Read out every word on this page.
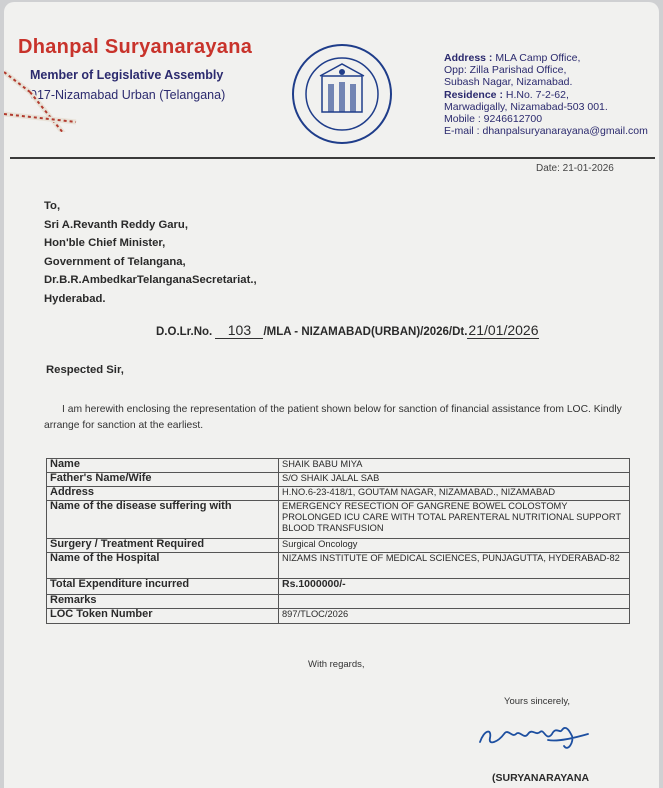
Dhanpal Suryanarayana
Member of Legislative Assembly
017-Nizamabad Urban (Telangana)
Address : MLA Camp Office,
Opp: Zilla Parishad Office,
Subash Nagar, Nizamabad.
Residence : H.No. 7-2-62,
Marwadigally, Nizamabad-503 001.
Mobile : 9246612700
E-mail : dhanpalsuryanarayana@gmail.com
Date: 21-01-2026
To,
Sri A.Revanth Reddy Garu,
Hon'ble Chief Minister,
Government of Telangana,
Dr.B.R.AmbedkarTelanganaSecretariat.,
Hyderabad.
D.O.Lr.No. 103 /MLA - NIZAMABAD(URBAN)/2026/Dt.21/01/2026
Respected Sir,
I am herewith enclosing the representation of the patient shown below for sanction of financial assistance from LOC. Kindly arrange for sanction at the earliest.
Name	SHAIK BABU MIYA
Father's Name/Wife	S/O SHAIK JALAL SAB
Address	H.NO.6-23-418/1, GOUTAM NAGAR, NIZAMABAD., NIZAMABAD
Name of the disease suffering with	EMERGENCY RESECTION OF GANGRENE BOWEL COLOSTOMY PROLONGED ICU CARE WITH TOTAL PARENTERAL NUTRITIONAL SUPPORT BLOOD TRANSFUSION
Surgery / Treatment Required	Surgical Oncology
Name of the Hospital	NIZAMS INSTITUTE OF MEDICAL SCIENCES, PUNJAGUTTA, HYDERABAD-82
Total Expenditure incurred	Rs.1000000/-
Remarks	
LOC Token Number	897/TLOC/2026
With regards,
Yours sincerely,
(SURYANARAYANA
